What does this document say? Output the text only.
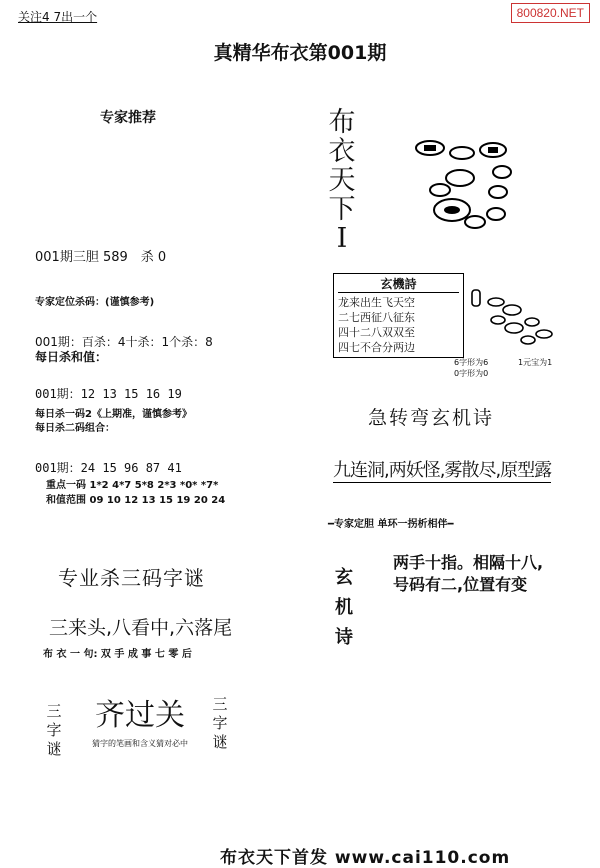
关注4 7出一个	800820.NET
真精华布衣第001期
专家推荐
001期三胆 589　杀 0
专家定位杀码：(谨慎参考)
001期：百杀：4十杀：1个杀：8
每日杀和值：
001期：12 13 15 16 19
每日杀一码2《上期准，谨慎参考》
每日杀二码组合：
001期：24 15 96 87 41
重点一码 1*2 4*7 5*8 2*3 *0* *7*
和值范围 09 10 12 13 15 19 20 24
专业杀三码字谜
三来头,八看中,六落尾
布 衣 一 句: 双 手 成 事 七 零 后
三字谜
齐过关
猜字的笔画和含义猜对必中
三字谜
布
衣
天
下
I
玄機詩
龙来出生飞天空
二七西征八征东
四十二八双双至
四七不合分两边
6字形为6
0字形为0
1元宝为1
急转弯玄机诗
九连洞,两妖怪,雾散尽,原型露
━专家定胆 单环一拐析相伴━
玄
机
诗
两手十指。相隔十八,
号码有二,位置有变
布衣天下首发 www.cai110.com
